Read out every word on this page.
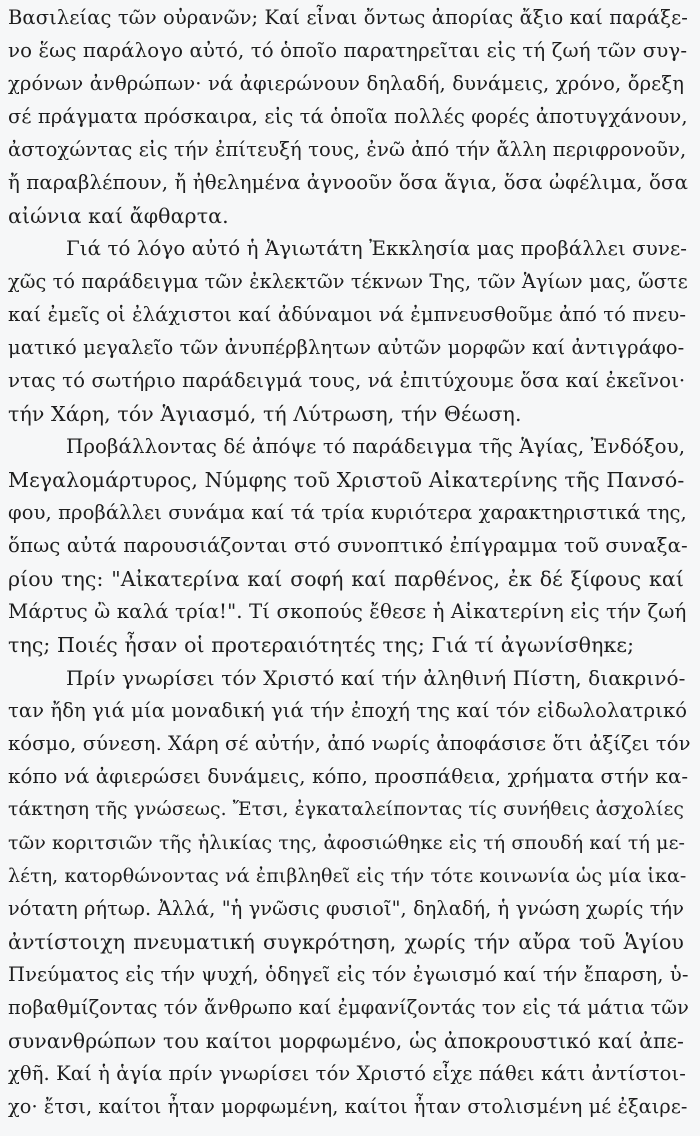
Βασιλείας τῶν οὐρανῶν; Καί εἶναι ὄντως ἀπορίας ἄξιο καί παράξε-
νο ἕως παράλογο αὐτό, τό ὁποῖο παρατηρεῖται εἰς τή ζωή τῶν συγ-
χρόνων ἀνθρώπων· νά ἀφιερώνουν δηλαδή, δυνάμεις, χρόνο, ὄρεξη
σέ πράγματα πρόσκαιρα, εἰς τά ὁποῖα πολλές φορές ἀποτυγχάνουν,
ἀστοχώντας εἰς τήν ἐπίτευξή τους, ἐνῶ ἀπό τήν ἄλλη περιφρονοῦν,
ἤ παραβλέπουν, ἤ ἠθελημένα ἀγνοοῦν ὅσα ἅγια, ὅσα ὠφέλιμα, ὅσα
αἰώνια καί ἄφθαρτα.
Γιά τό λόγο αὐτό ἡ Ἁγιωτάτη Ἐκκλησία μας προβάλλει συνε-
χῶς τό παράδειγμα τῶν ἐκλεκτῶν τέκνων Της, τῶν Ἁγίων μας, ὥστε
καί ἐμεῖς οἱ ἐλάχιστοι καί ἀδύναμοι νά ἐμπνευσθοῦμε ἀπό τό πνευ-
ματικό μεγαλεῖο τῶν ἀνυπέρβλητων αὐτῶν μορφῶν καί ἀντιγράφο-
ντας τό σωτήριο παράδειγμά τους, νά ἐπιτύχουμε ὅσα καί ἐκεῖνοι·
τήν Χάρη, τόν Ἁγιασμό, τή Λύτρωση, τήν Θέωση.
Προβάλλοντας δέ ἀπόψε τό παράδειγμα τῆς Ἁγίας, Ἐνδόξου,
Μεγαλομάρτυρος, Νύμφης τοῦ Χριστοῦ Αἰκατερίνης τῆς Πανσό-
φου, προβάλλει συνάμα καί τά τρία κυριότερα χαρακτηριστικά της,
ὅπως αὐτά παρουσιάζονται στό συνοπτικό ἐπίγραμμα τοῦ συναξα-
ρίου της: "Αἰκατερίνα καί σοφή καί παρθένος, ἐκ δέ ξίφους καί
Μάρτυς ὢ καλά τρία!". Τί σκοπούς ἔθεσε ἡ Αἰκατερίνη εἰς τήν ζωή
της; Ποιές ἦσαν οἱ προτεραιότητές της; Γιά τί ἀγωνίσθηκε;
Πρίν γνωρίσει τόν Χριστό καί τήν ἀληθινή Πίστη, διακρινό-
ταν ἤδη γιά μία μοναδική γιά τήν ἐποχή της καί τόν εἰδωλολατρικό
κόσμο, σύνεση. Χάρη σέ αὐτήν, ἀπό νωρίς ἀποφάσισε ὅτι ἀξίζει τόν
κόπο νά ἀφιερώσει δυνάμεις, κόπο, προσπάθεια, χρήματα στήν κα-
τάκτηση τῆς γνώσεως. Ἔτσι, ἐγκαταλείποντας τίς συνήθεις ἀσχολίες
τῶν κοριτσιῶν τῆς ἡλικίας της, ἀφοσιώθηκε εἰς τή σπουδή καί τή με-
λέτη, κατορθώνοντας νά ἐπιβληθεῖ εἰς τήν τότε κοινωνία ὡς μία ἱκα-
νότατη ρήτωρ. Ἀλλά, "ἡ γνῶσις φυσιοῖ", δηλαδή, ἡ γνώση χωρίς τήν
ἀντίστοιχη πνευματική συγκρότηση, χωρίς τήν αὔρα τοῦ Ἁγίου
Πνεύματος εἰς τήν ψυχή, ὁδηγεῖ εἰς τόν ἐγωισμό καί τήν ἔπαρση, ὑ-
ποβαθμίζοντας τόν ἄνθρωπο καί ἐμφανίζοντάς τον εἰς τά μάτια τῶν
συνανθρώπων του καίτοι μορφωμένο, ὡς ἀποκρουστικό καί ἀπε-
χθῆ. Καί ἡ ἁγία πρίν γνωρίσει τόν Χριστό εἶχε πάθει κάτι ἀντίστοι-
χο· ἔτσι, καίτοι ἦταν μορφωμένη, καίτοι ἦταν στολισμένη μέ ἐξαιρε-
